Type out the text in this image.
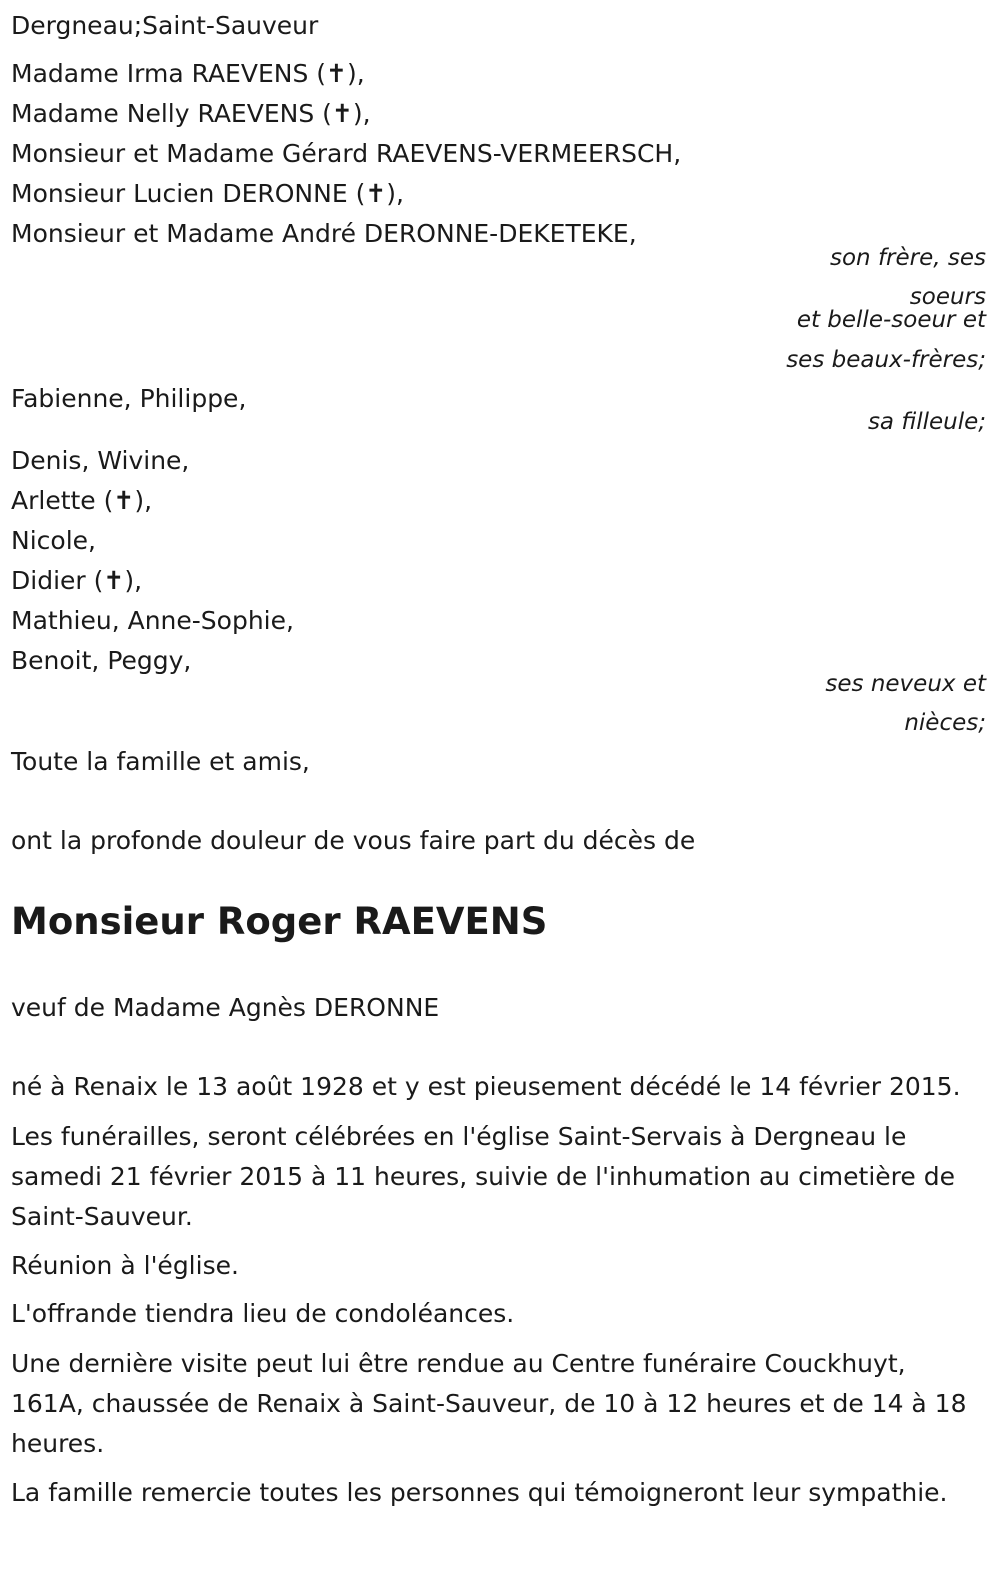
Dergneau;Saint-Sauveur
Madame Irma RAEVENS (✝),
Madame Nelly RAEVENS (✝),
Monsieur et Madame Gérard RAEVENS-VERMEERSCH,
Monsieur Lucien DERONNE (✝),
Monsieur et Madame André DERONNE-DEKETEKE,
son frère, ses
soeurs
et belle-soeur et
ses beaux-frères;
Fabienne, Philippe,
sa filleule;
Denis, Wivine,
Arlette (✝),
Nicole,
Didier (✝),
Mathieu, Anne-Sophie,
Benoit, Peggy,
ses neveux et
nièces;
Toute la famille et amis,
ont la profonde douleur de vous faire part du décès de
Monsieur Roger RAEVENS
veuf de Madame Agnès DERONNE
né à Renaix le 13 août 1928 et y est pieusement décédé le 14 février 2015.
Les funérailles, seront célébrées en l'église Saint-Servais à Dergneau le samedi 21 février 2015 à 11 heures, suivie de l'inhumation au cimetière de Saint-Sauveur.
Réunion à l'église.
L'offrande tiendra lieu de condoléances.
Une dernière visite peut lui être rendue au Centre funéraire Couckhuyt, 161A, chaussée de Renaix à Saint-Sauveur, de 10 à 12 heures et de 14 à 18 heures.
La famille remercie toutes les personnes qui témoigneront leur sympathie.
